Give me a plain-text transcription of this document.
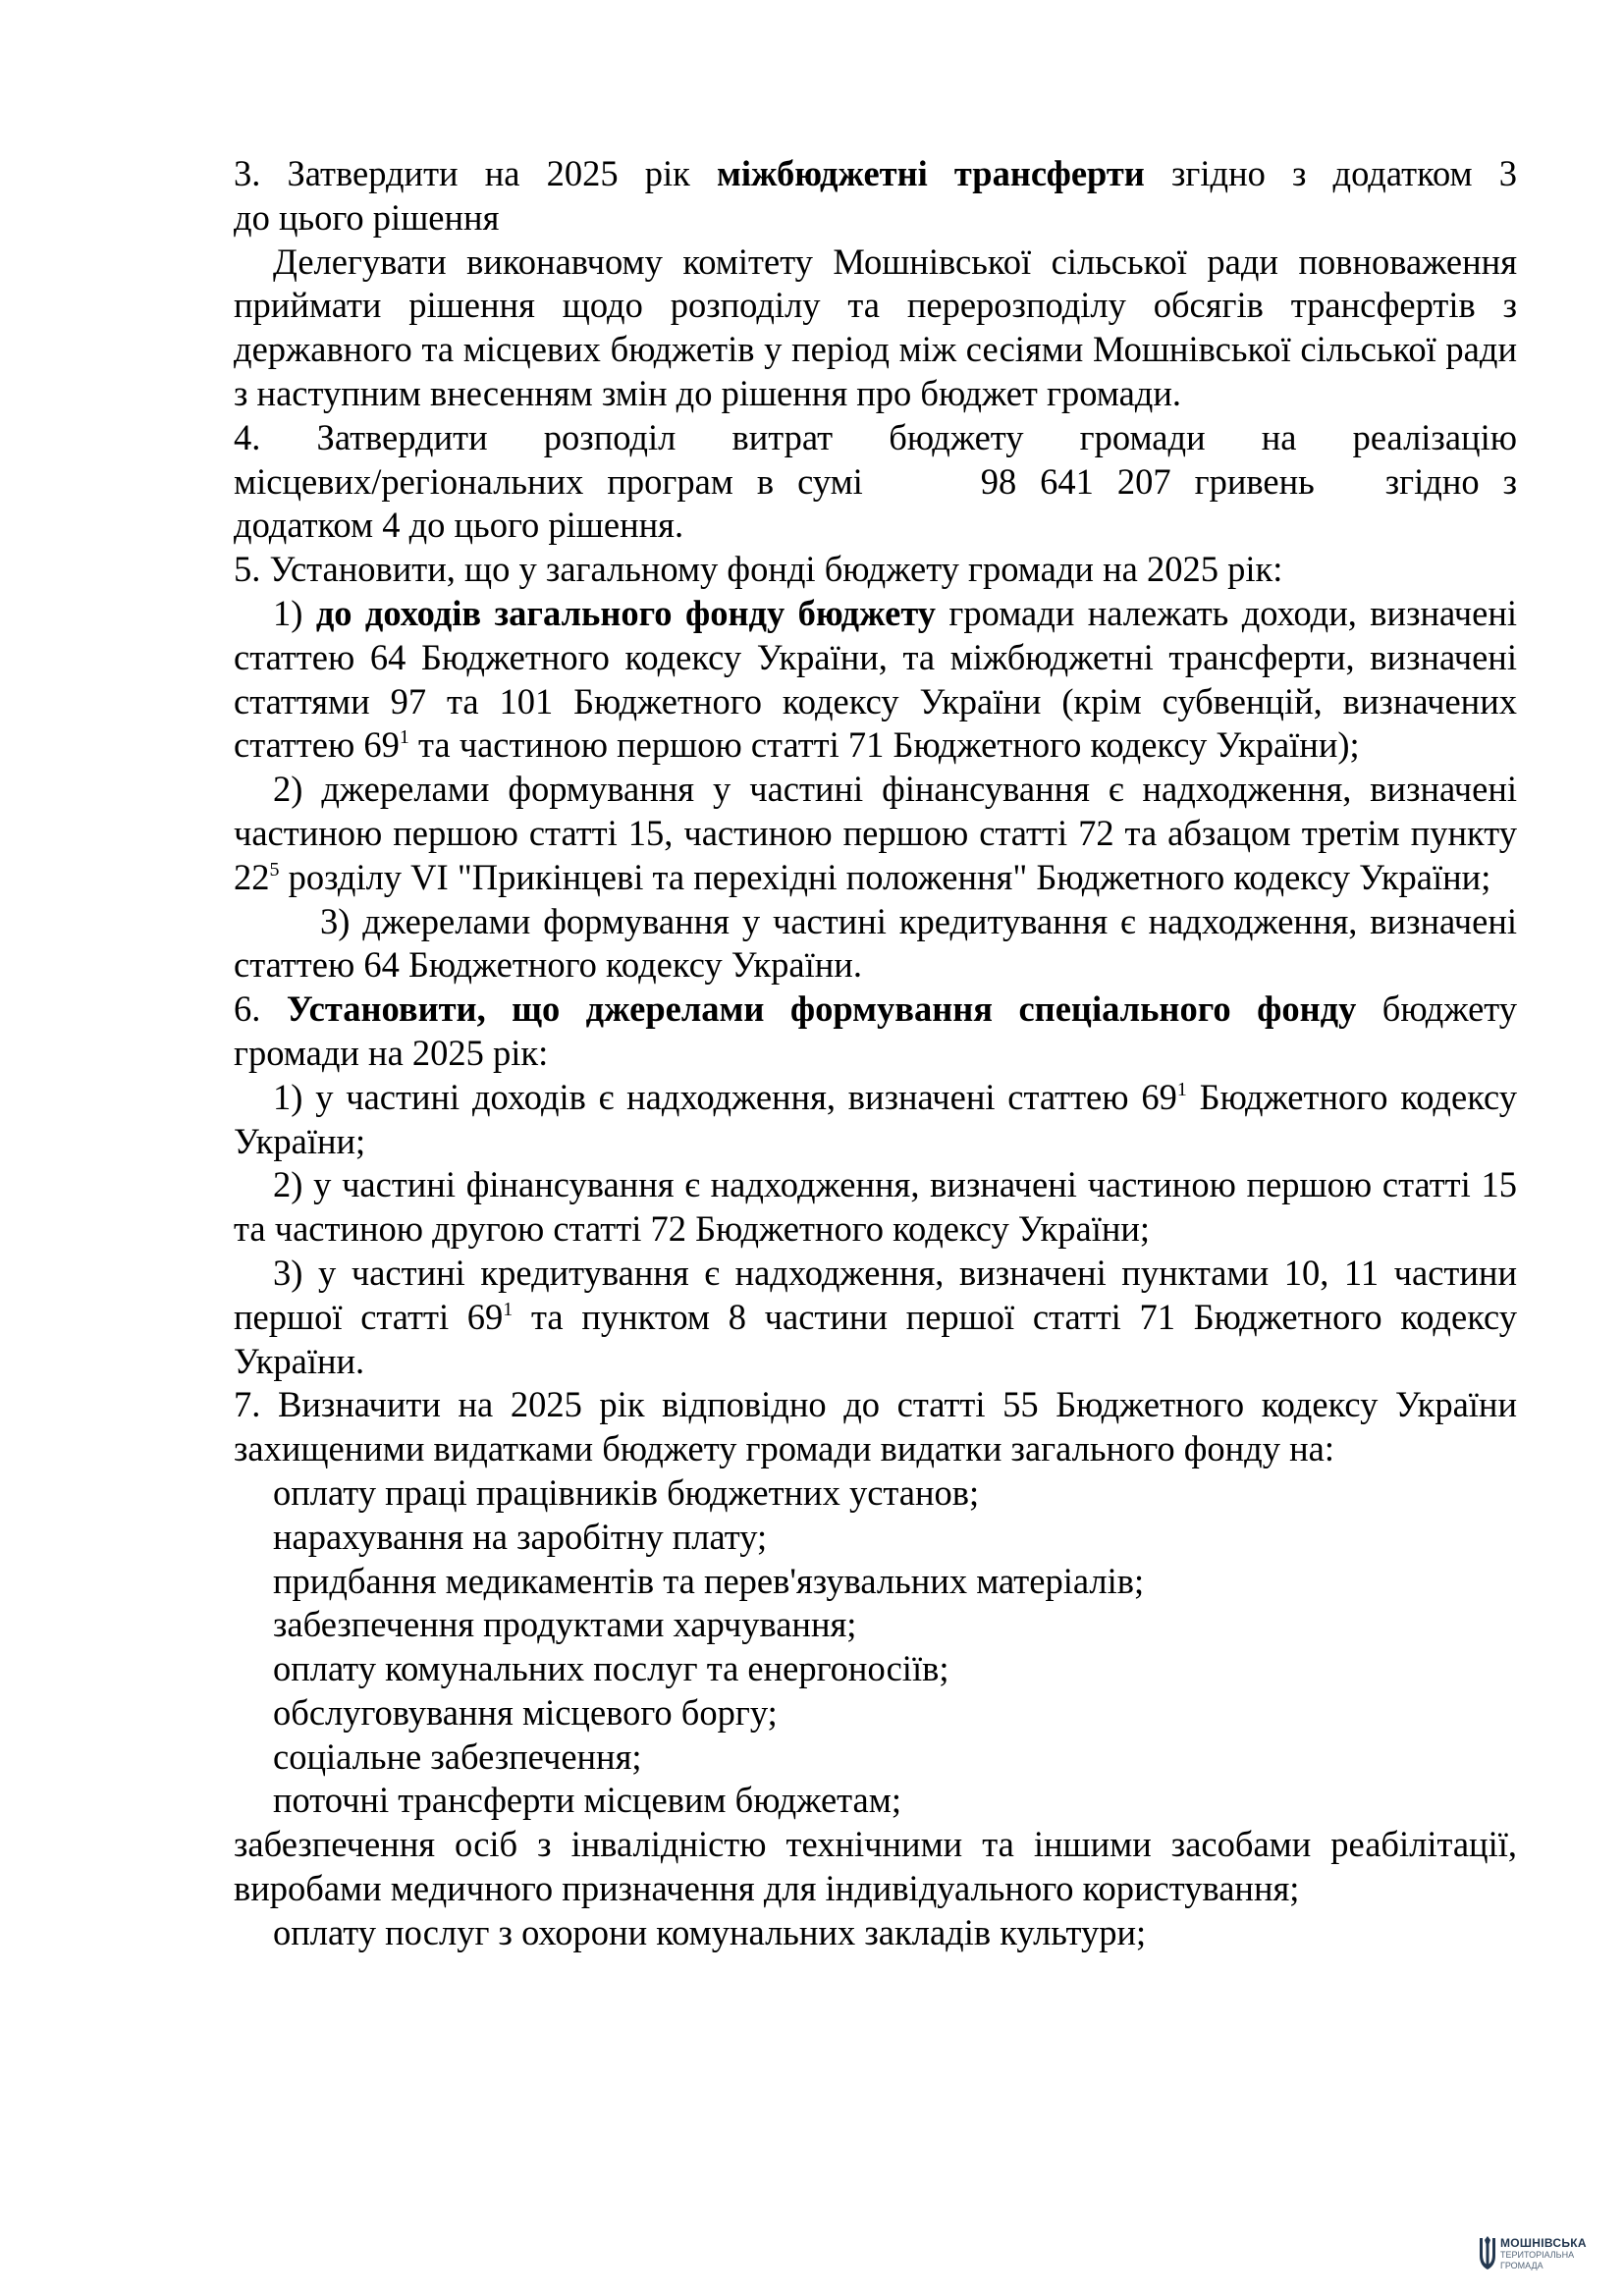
3. Затвердити на 2025 рік міжбюджетні трансферти згідно з додатком 3

до цього рішення

Делегувати виконавчому комітету Мошнівської сільської ради повноваження приймати рішення щодо розподілу та перерозподілу обсягів трансфертів з державного та місцевих бюджетів у період між сесіями Мошнівської сільської ради з наступним внесенням змін до рішення про бюджет громади.

4. Затвердити розподіл витрат бюджету громади на реалізацію

місцевих/регіональних програм в сумі     98 641 207 гривень   згідно з

додатком 4 до цього рішення.

5. Установити, що у загальному фонді бюджету громади на 2025 рік:

1) до доходів загального фонду бюджету громади належать доходи, визначені статтею 64 Бюджетного кодексу України, та міжбюджетні трансферти, визначені статтями 97 та 101 Бюджетного кодексу України (крім субвенцій, визначених статтею $69^1$ та частиною першою статті 71 Бюджетного кодексу України);

2) джерелами формування у частині фінансування є надходження, визначені частиною першою статті 15, частиною першою статті 72 та абзацом третім пункту $22^5$ розділу VI "Прикінцеві та перехідні положення" Бюджетного кодексу України;

3) джерелами формування у частині кредитування є надходження, визначені статтею 64 Бюджетного кодексу України.

6. Установити, що джерелами формування спеціального фонду бюджету громади на 2025 рік:

1) у частині доходів є надходження, визначені статтею $69^1$ Бюджетного кодексу України;

2) у частині фінансування є надходження, визначені частиною першою статті 15 та частиною другою статті 72 Бюджетного кодексу України;

3) у частині кредитування є надходження, визначені пунктами 10, 11 частини першої статті $69^1$ та пунктом 8 частини першої статті 71 Бюджетного кодексу України.

7. Визначити на 2025 рік відповідно до статті 55 Бюджетного кодексу України захищеними видатками бюджету громади видатки загального фонду на:

оплату праці працівників бюджетних установ;

нарахування на заробітну плату;

придбання медикаментів та перев'язувальних матеріалів;

забезпечення продуктами харчування;

оплату комунальних послуг та енергоносіїв;

обслуговування місцевого боргу;

соціальне забезпечення;

поточні трансферти місцевим бюджетам;

забезпечення осіб з інвалідністю технічними та іншими засобами реабілітації, виробами медичного призначення для індивідуального користування;

оплату послуг з охорони комунальних закладів культури;

МОШНІВСЬКА
ТЕРИТОРІАЛЬНА
ГРОМАДА
